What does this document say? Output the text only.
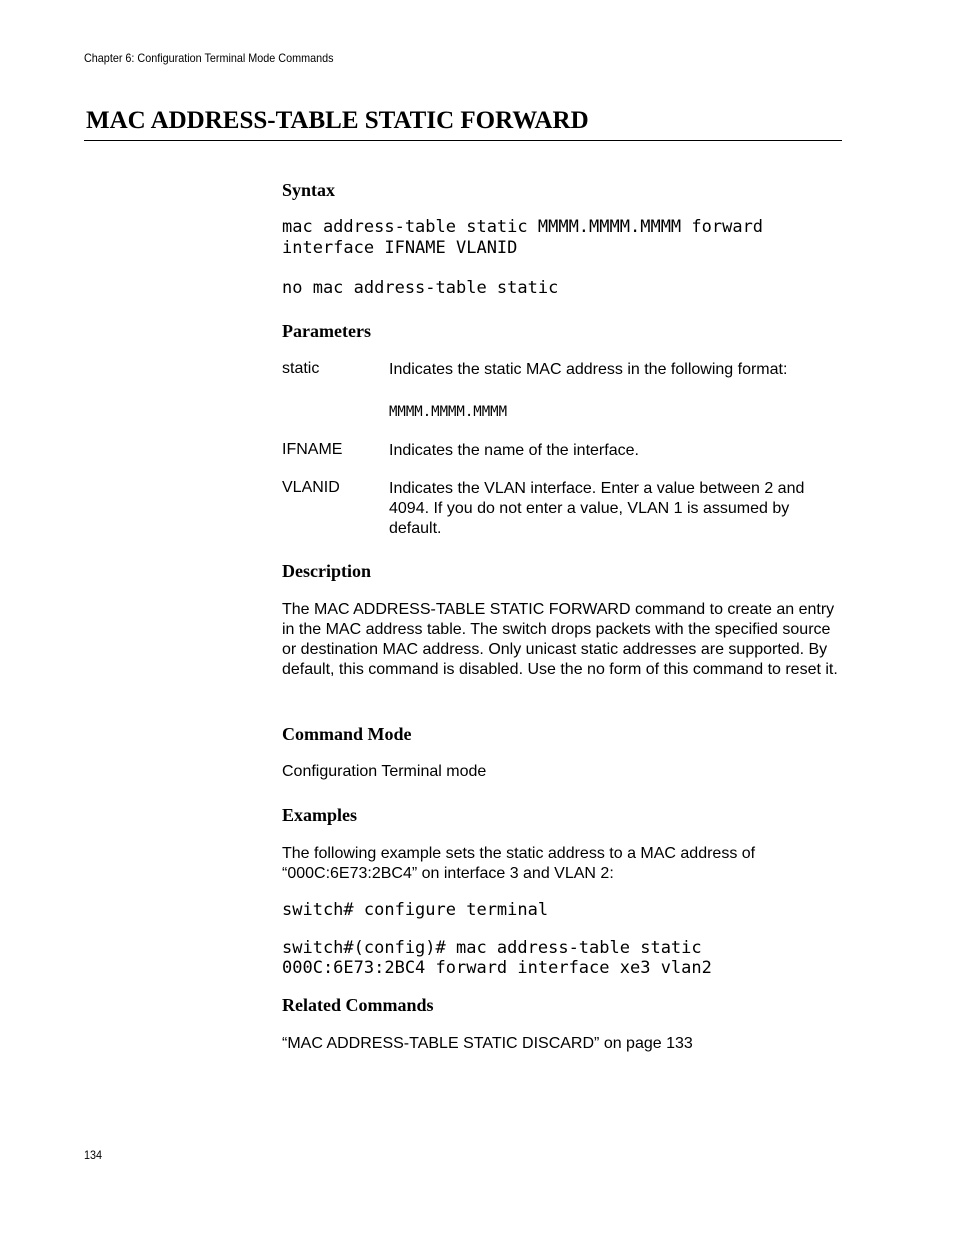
Chapter 6: Configuration Terminal Mode Commands
MAC ADDRESS-TABLE STATIC FORWARD
Syntax
mac address-table static MMMM.MMMM.MMMM forward
interface IFNAME VLANID
no mac address-table static
Parameters
static	Indicates the static MAC address in the following format:
MMMM.MMMM.MMMM
IFNAME	Indicates the name of the interface.
VLANID	Indicates the VLAN interface. Enter a value between 2 and 4094. If you do not enter a value, VLAN 1 is assumed by default.
Description
The MAC ADDRESS-TABLE STATIC FORWARD command to create an entry in the MAC address table. The switch drops packets with the specified source or destination MAC address. Only unicast static addresses are supported. By default, this command is disabled. Use the no form of this command to reset it.
Command Mode
Configuration Terminal mode
Examples
The following example sets the static address to a MAC address of “000C:6E73:2BC4” on interface 3 and VLAN 2:
switch# configure terminal
switch#(config)# mac address-table static
000C:6E73:2BC4 forward interface xe3 vlan2
Related Commands
“MAC ADDRESS-TABLE STATIC DISCARD” on page 133
134
